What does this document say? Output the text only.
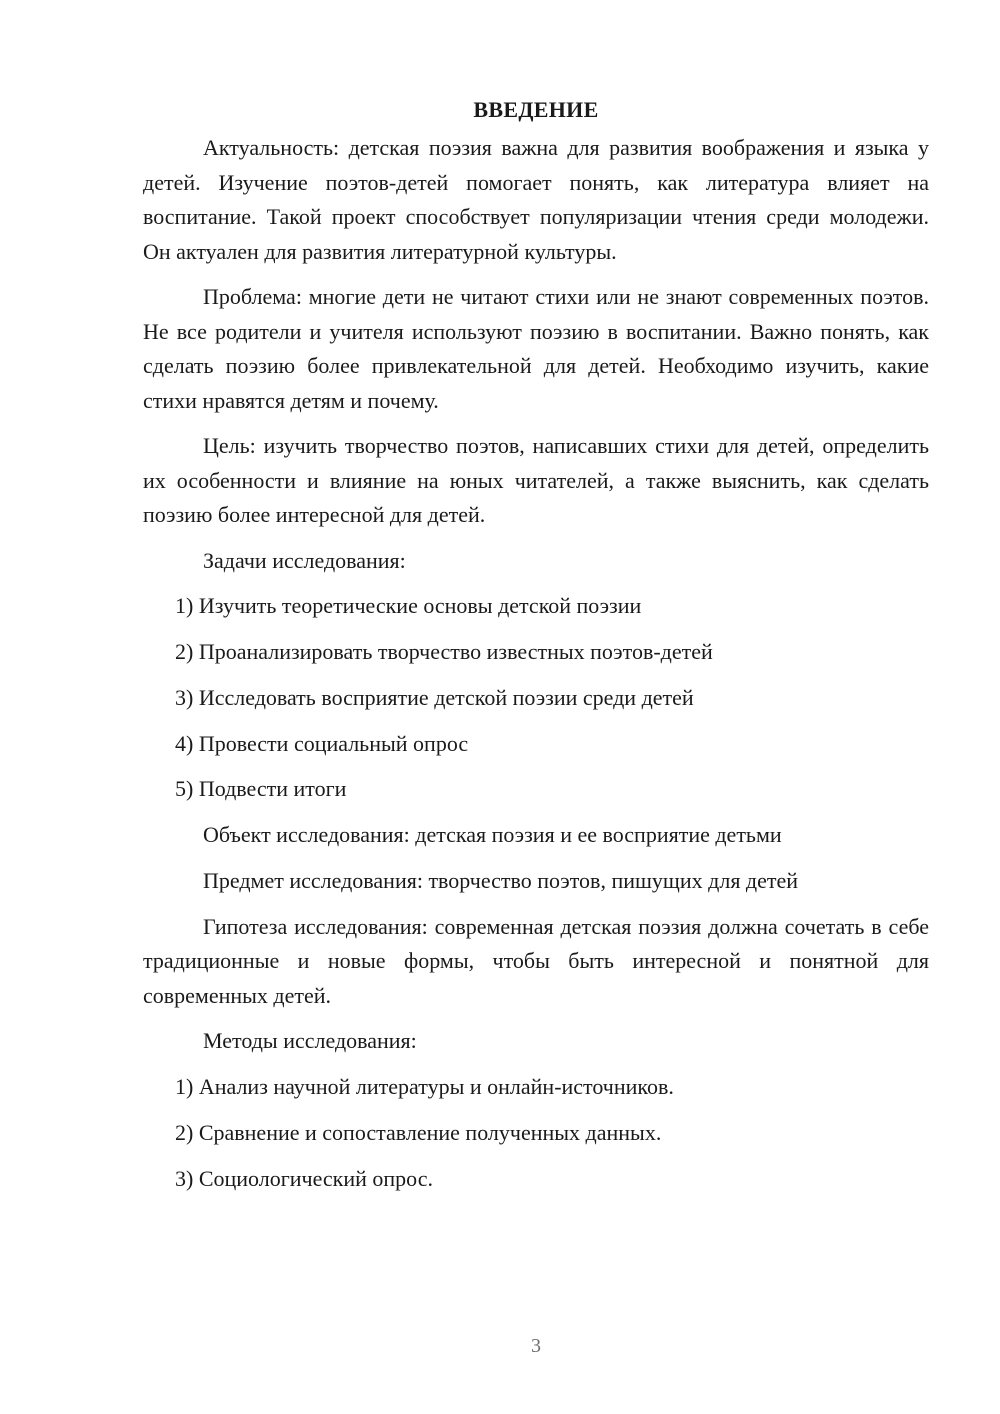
ВВЕДЕНИЕ

Актуальность: детская поэзия важна для развития воображения и языка у детей. Изучение поэтов-детей помогает понять, как литература влияет на воспитание. Такой проект способствует популяризации чтения среди молодежи. Он актуален для развития литературной культуры.

Проблема: многие дети не читают стихи или не знают современных поэтов. Не все родители и учителя используют поэзию в воспитании. Важно понять, как сделать поэзию более привлекательной для детей. Необходимо изучить, какие стихи нравятся детям и почему.

Цель: изучить творчество поэтов, написавших стихи для детей, определить их особенности и влияние на юных читателей, а также выяснить, как сделать поэзию более интересной для детей.

Задачи исследования:
1) Изучить теоретические основы детской поэзии
2) Проанализировать творчество известных поэтов-детей
3) Исследовать восприятие детской поэзии среди детей
4) Провести социальный опрос
5) Подвести итоги
Объект исследования: детская поэзия и ее восприятие детьми
Предмет исследования: творчество поэтов, пишущих для детей

Гипотеза исследования: современная детская поэзия должна сочетать в себе традиционные и новые формы, чтобы быть интересной и понятной для современных детей.

Методы исследования:
1) Анализ научной литературы и онлайн-источников.
2) Сравнение и сопоставление полученных данных.
3) Социологический опрос.
3
